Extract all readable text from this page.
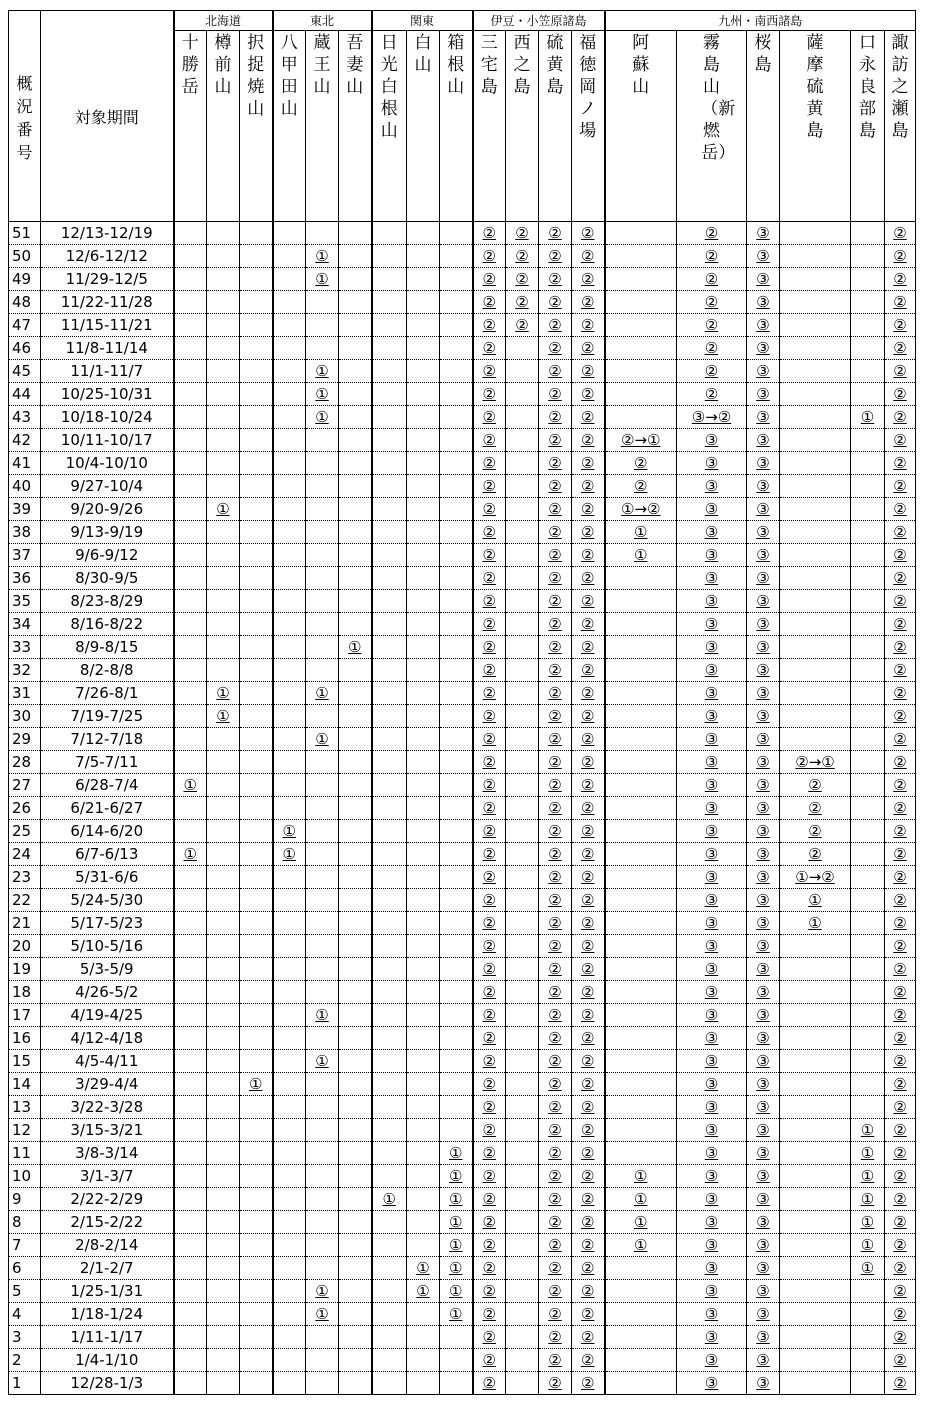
概況番号	対象期間	北海道			東北			関東			伊豆・小笠原諸島				九州・南西諸島					

		十勝岳	樽前山	択捉焼山	八甲田山	蔵王山	吾妻山	日光白根山	白山	箱根山	三宅島	西之島	硫黄島	福徳岡ノ場	阿蘇山	霧島山（新燃岳）	桜島	薩摩硫黄島	口永良部島	諏訪之瀬島

51	12/13-12/19										②	②	②	②		②	③			②
50	12/6-12/12					①					②	②	②	②		②	③			②
49	11/29-12/5					①					②	②	②	②		②	③			②
48	11/22-11/28										②	②	②	②		②	③			②
47	11/15-11/21										②	②	②	②		②	③			②
46	11/8-11/14										②		②	②		②	③			②
45	11/1-11/7					①					②		②	②		②	③			②
44	10/25-10/31					①					②		②	②		②	③			②
43	10/18-10/24					①					②		②	②		③→②	③		①	②
42	10/11-10/17										②		②	②	②→①	③	③			②
41	10/4-10/10										②		②	②	②	③	③			②
40	9/27-10/4										②		②	②	②	③	③			②
39	9/20-9/26		①								②		②	②	①→②	③	③			②
38	9/13-9/19										②		②	②	①	③	③			②
37	9/6-9/12										②		②	②	①	③	③			②
36	8/30-9/5										②		②	②		③	③			②
35	8/23-8/29										②		②	②		③	③			②
34	8/16-8/22										②		②	②		③	③			②
33	8/9-8/15						①				②		②	②		③	③			②
32	8/2-8/8										②		②	②		③	③			②
31	7/26-8/1		①			①					②		②	②		③	③			②
30	7/19-7/25		①								②		②	②		③	③			②
29	7/12-7/18					①					②		②	②		③	③			②
28	7/5-7/11										②		②	②		③	③	②→①		②
27	6/28-7/4	①									②		②	②		③	③	②		②
26	6/21-6/27										②		②	②		③	③	②		②
25	6/14-6/20				①						②		②	②		③	③	②		②
24	6/7-6/13	①			①						②		②	②		③	③	②		②
23	5/31-6/6										②		②	②		③	③	①→②		②
22	5/24-5/30										②		②	②		③	③	①		②
21	5/17-5/23										②		②	②		③	③	①		②
20	5/10-5/16										②		②	②		③	③			②
19	5/3-5/9										②		②	②		③	③			②
18	4/26-5/2										②		②	②		③	③			②
17	4/19-4/25					①					②		②	②		③	③			②
16	4/12-4/18										②		②	②		③	③			②
15	4/5-4/11					①					②		②	②		③	③			②
14	3/29-4/4			①							②		②	②		③	③			②
13	3/22-3/28										②		②	②		③	③			②
12	3/15-3/21										②		②	②		③	③		①	②
11	3/8-3/14									①	②		②	②		③	③		①	②
10	3/1-3/7									①	②		②	②	①	③	③		①	②
9	2/22-2/29							①		①	②		②	②	①	③	③		①	②
8	2/15-2/22									①	②		②	②	①	③	③		①	②
7	2/8-2/14									①	②		②	②	①	③	③		①	②
6	2/1-2/7								①	①	②		②	②		③	③		①	②
5	1/25-1/31					①			①	①	②		②	②		③	③			②
4	1/18-1/24					①				①	②		②	②		③	③			②
3	1/11-1/17										②		②	②		③	③			②
2	1/4-1/10										②		②	②		③	③			②
1	12/28-1/3										②		②	②		③	③			②
